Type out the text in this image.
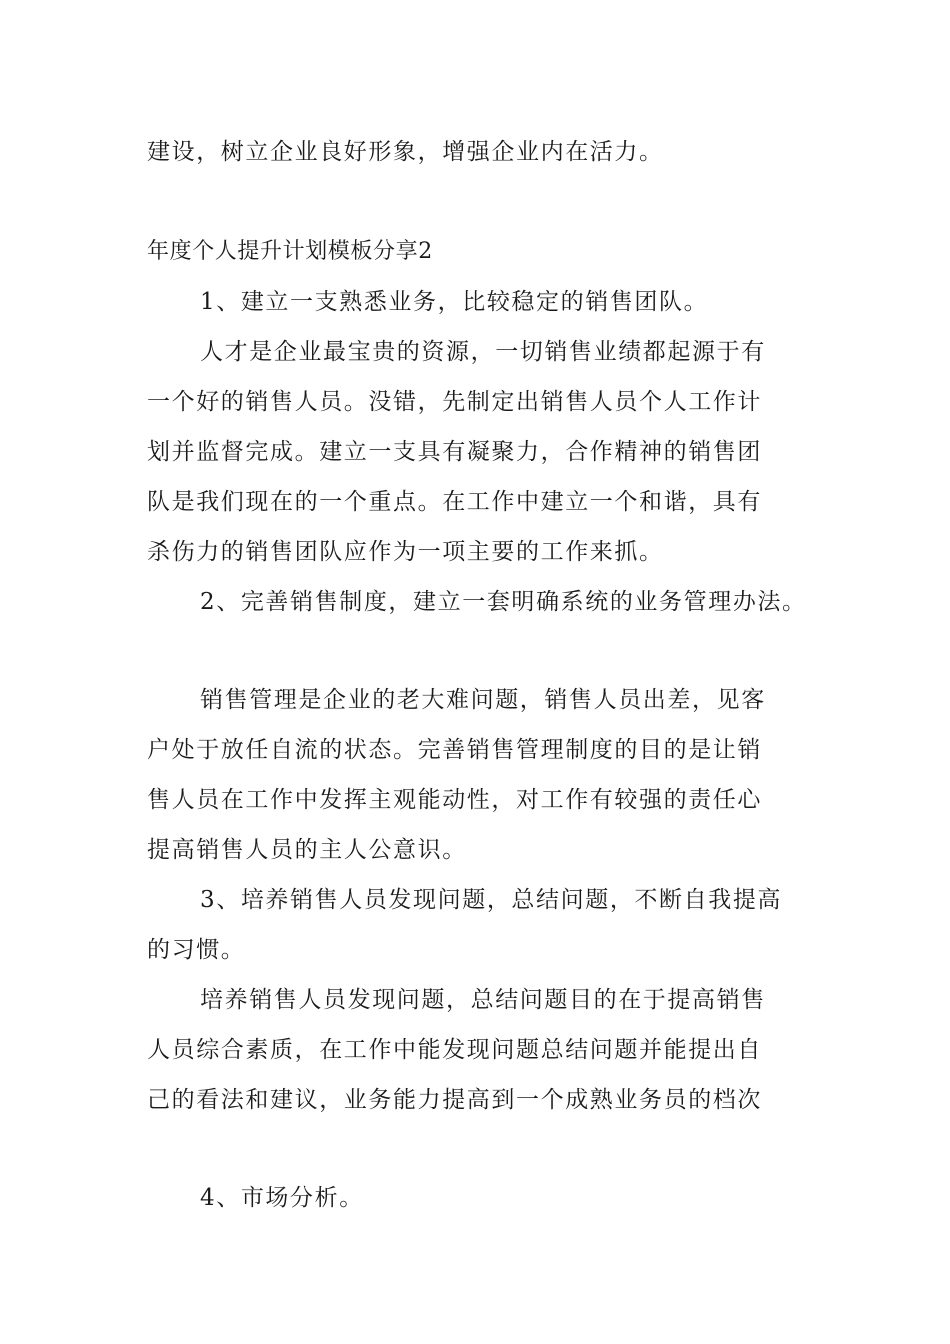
建设，树立企业良好形象，增强企业内在活力。
年度个人提升计划模板分享2
1、建立一支熟悉业务，比较稳定的销售团队。
人才是企业最宝贵的资源，一切销售业绩都起源于有
一个好的销售人员。没错，先制定出销售人员个人工作计
划并监督完成。建立一支具有凝聚力，合作精神的销售团
队是我们现在的一个重点。在工作中建立一个和谐，具有
杀伤力的销售团队应作为一项主要的工作来抓。
2、完善销售制度，建立一套明确系统的业务管理办法。
销售管理是企业的老大难问题，销售人员出差，见客
户处于放任自流的状态。完善销售管理制度的目的是让销
售人员在工作中发挥主观能动性，对工作有较强的责任心
提高销售人员的主人公意识。
3、培养销售人员发现问题，总结问题，不断自我提高
的习惯。
培养销售人员发现问题，总结问题目的在于提高销售
人员综合素质，在工作中能发现问题总结问题并能提出自
己的看法和建议，业务能力提高到一个成熟业务员的档次
4、市场分析。
